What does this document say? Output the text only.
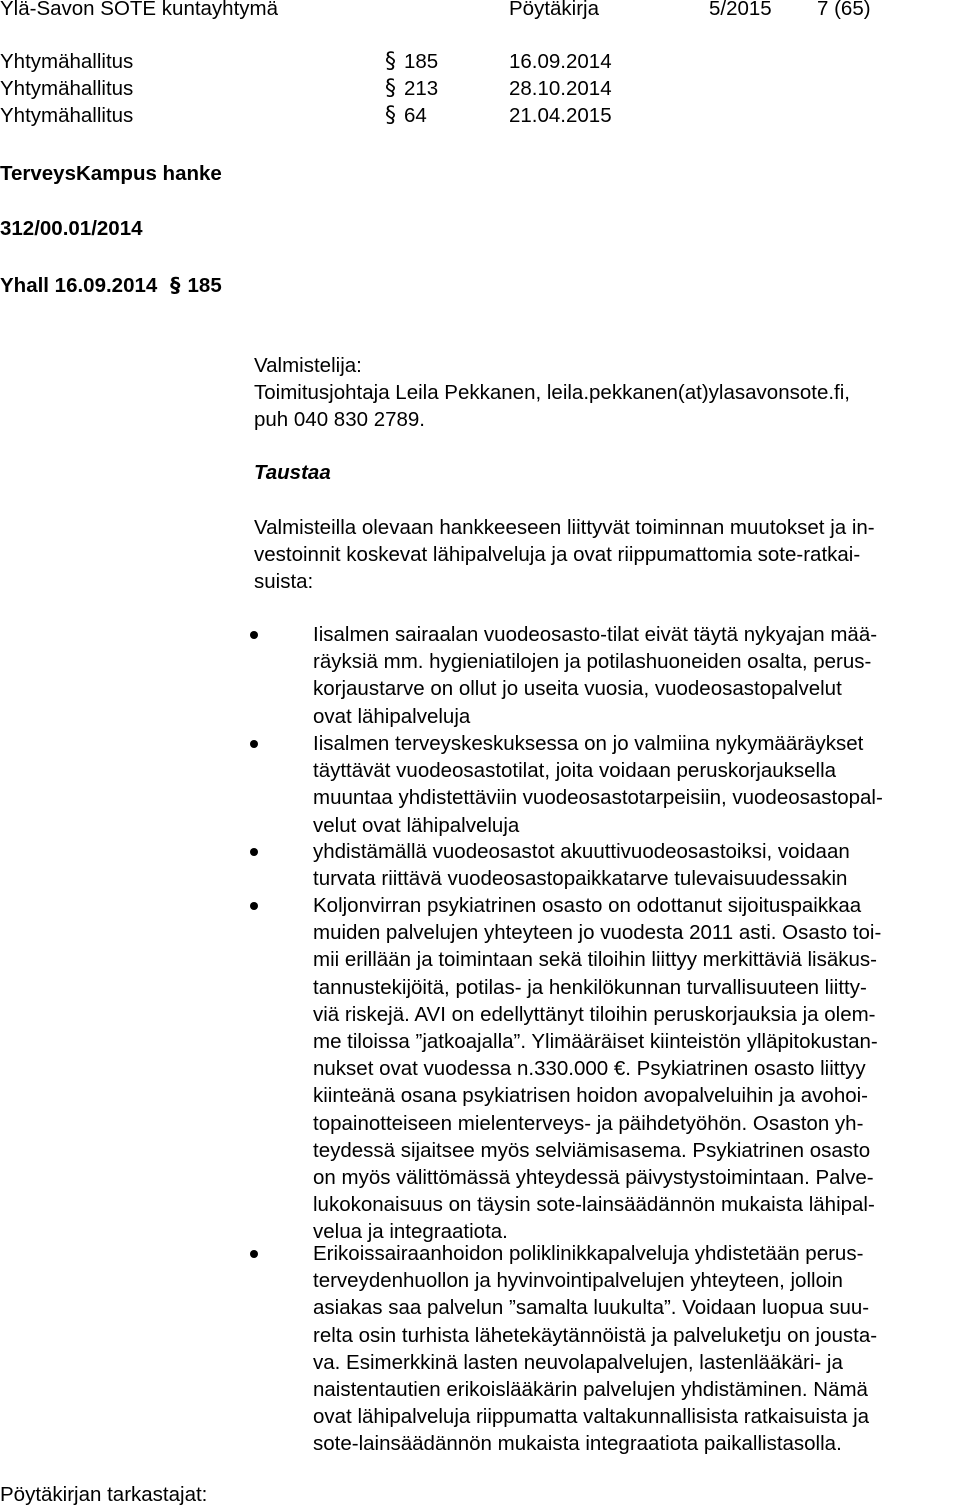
Ylä-Savon SOTE kuntayhtymä	Pöytäkirja	5/2015 7 (65)
Yhtymähallitus	§ 185	16.09.2014
Yhtymähallitus	§ 213	28.10.2014
Yhtymähallitus	§ 64	21.04.2015
TerveysKampus hanke
312/00.01/2014
Yhall 16.09.2014  § 185
Valmistelija:
Toimitusjohtaja Leila Pekkanen, leila.pekkanen(at)ylasavonsote.fi,
puh 040 830 2789.
Taustaa
Valmisteilla olevaan hankkeeseen liittyvät toiminnan muutokset ja in-
vestoinnit koskevat lähipalveluja ja ovat riippumattomia sote-ratkai-
suista:
Iisalmen sairaalan vuodeosasto-tilat eivät täytä nykyajan mää-
räyksiä mm. hygieniatilojen ja potilashuoneiden osalta, perus-
korjaustarve on ollut jo useita vuosia, vuodeosastopalvelut
ovat lähipalveluja
Iisalmen terveyskeskuksessa on jo valmiina nykymääräykset
täyttävät vuodeosastotilat, joita voidaan peruskorjauksella
muuntaa yhdistettäviin vuodeosastotarpeisiin, vuodeosastopal-
velut ovat lähipalveluja
yhdistämällä vuodeosastot akuuttivuodeosastoiksi, voidaan
turvata riittävä vuodeosastopaikkatarve tulevaisuudessakin
Koljonvirran psykiatrinen osasto on odottanut sijoituspaikkaa
muiden palvelujen yhteyteen jo vuodesta 2011 asti. Osasto toi-
mii erillään ja toimintaan sekä tiloihin liittyy merkittäviä lisäkus-
tannustekijöitä, potilas- ja henkilökunnan turvallisuuteen liitty-
viä riskejä. AVI on edellyttänyt tiloihin peruskorjauksia ja olem-
me tiloissa ”jatkoajalla”. Ylimääräiset kiinteistön ylläpitokustan-
nukset ovat vuodessa n.330.000 €. Psykiatrinen osasto liittyy
kiinteänä osana psykiatrisen hoidon avopalveluihin ja avohoi-
topainotteiseen mielenterveys- ja päihdetyöhön. Osaston yh-
teydessä sijaitsee myös selviämisasema. Psykiatrinen osasto
on myös välittömässä yhteydessä päivystystoimintaan. Palve-
lukokonaisuus on täysin sote-lainsäädännön mukaista lähipal-
velua ja integraatiota.
Erikoissairaanhoidon poliklinikkapalveluja yhdistetään perus-
terveydenhuollon ja hyvinvointipalvelujen yhteyteen, jolloin
asiakas saa palvelun ”samalta luukulta”. Voidaan luopua suu-
relta osin turhista lähetekäytännöistä ja palveluketju on jousta-
va. Esimerkkinä lasten neuvolapalvelujen, lastenlääkäri- ja
naistentautien erikoislääkärin palvelujen yhdistäminen. Nämä
ovat lähipalveluja riippumatta valtakunnallisista ratkaisuista ja
sote-lainsäädännön mukaista integraatiota paikallistasolla.
Pöytäkirjan tarkastajat:
